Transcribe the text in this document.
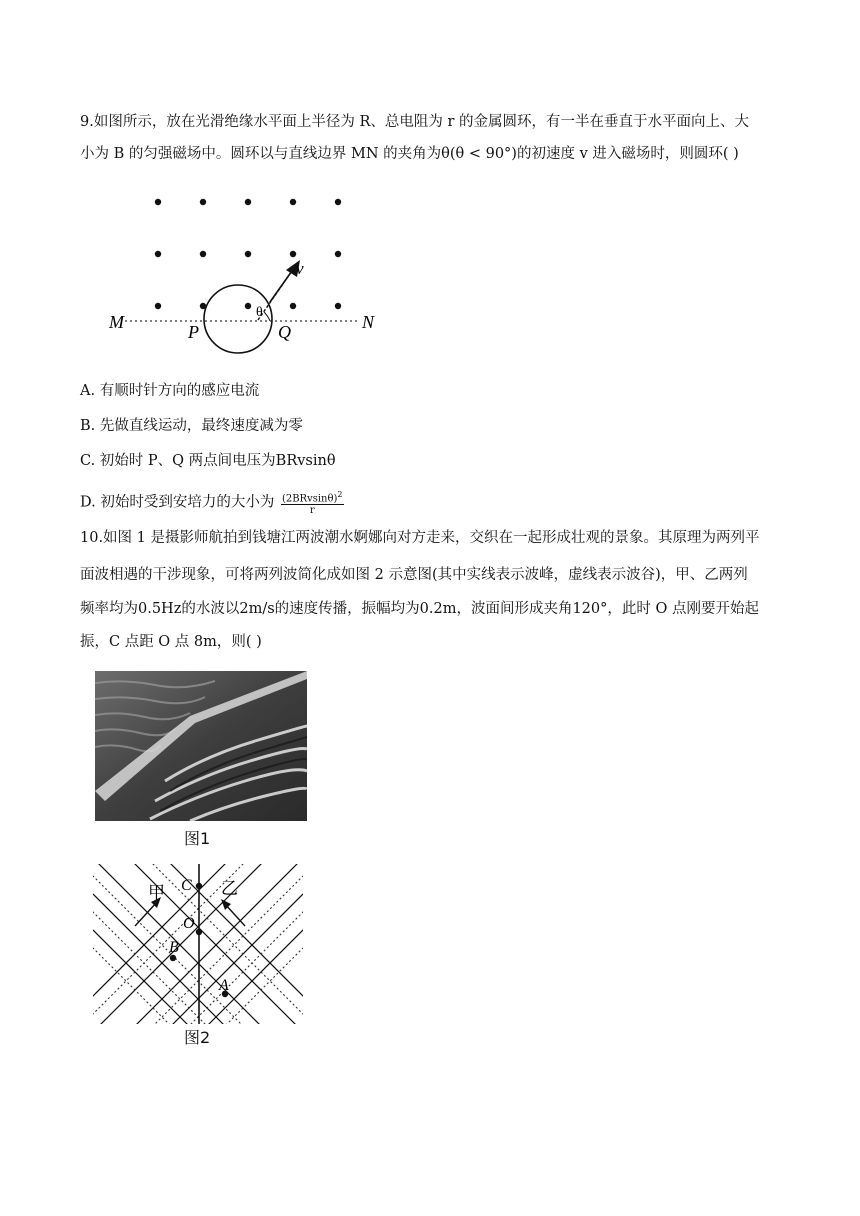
9.如图所示，放在光滑绝缘水平面上半径为 R、总电阻为 r 的金属圆环，有一半在垂直于水平面向上、大
小为 B 的匀强磁场中。圆环以与直线边界 MN 的夹角为θ(θ < 90°)的初速度 v 进入磁场时，则圆环( )
M	N
P	Q
v
θ
A. 有顺时针方向的感应电流
B. 先做直线运动，最终速度减为零
C. 初始时 P、Q 两点间电压为BRvsinθ
D. 初始时受到安培力的大小为 $(2BRvsin\theta)^2$
r
10.如图 1 是摄影师航拍到钱塘江两波潮水婀娜向对方走来，交织在一起形成壮观的景象。其原理为两列平
面波相遇的干涉现象，可将两列波简化成如图 2 示意图(其中实线表示波峰，虚线表示波谷)，甲、乙两列
频率均为0.5Hz的水波以2m/s的速度传播，振幅均为0.2m，波面间形成夹角120°，此时 O 点刚要开始起
振，C 点距 O 点 8m，则( )
图1
甲	乙
C
O
B
A
图2
